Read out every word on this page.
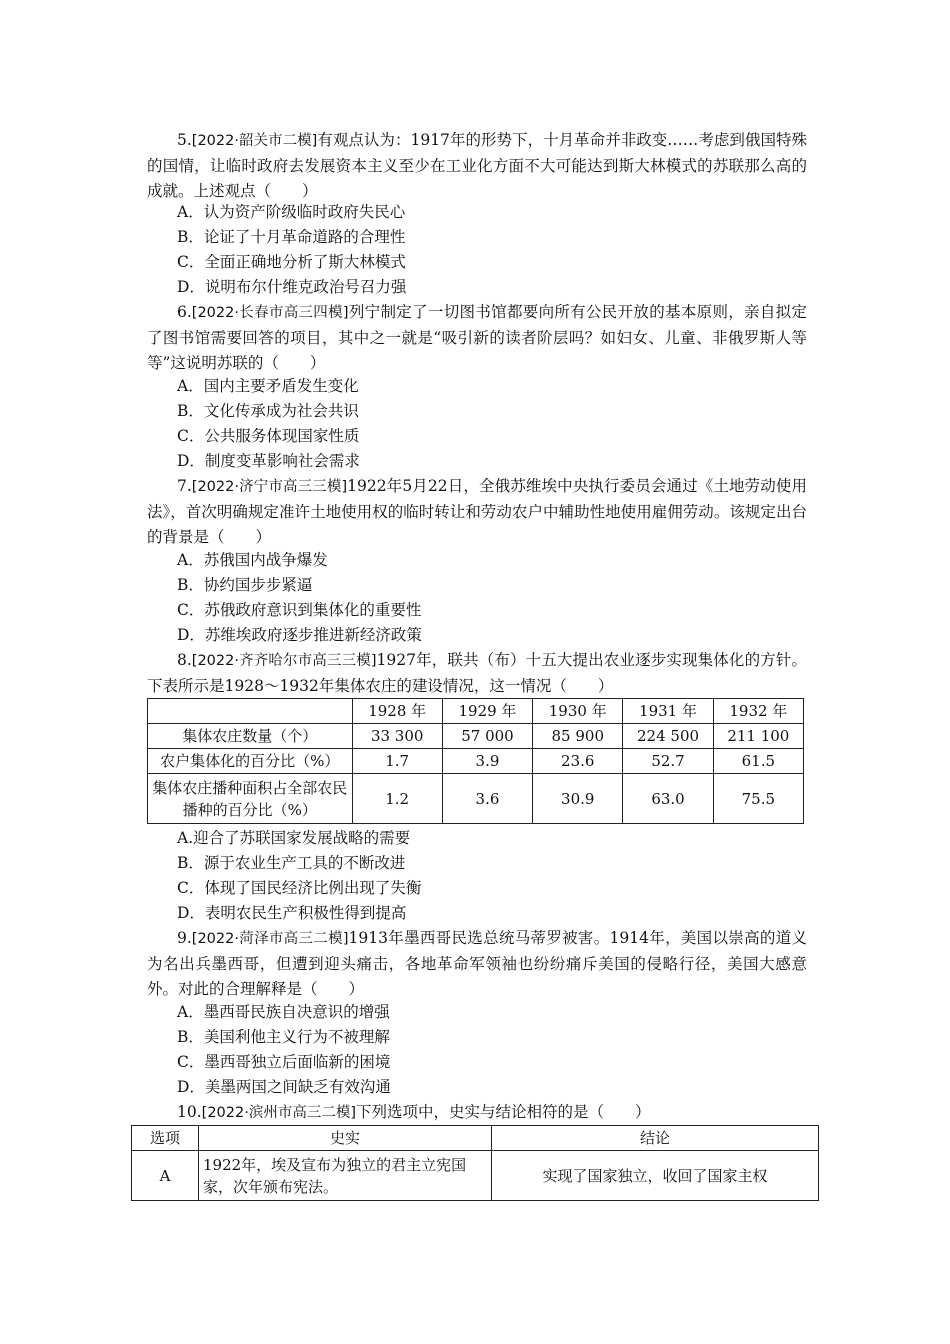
5.[2022·韶关市二模]有观点认为：1917年的形势下，十月革命并非政变……考虑到俄国特殊的国情，让临时政府去发展资本主义至少在工业化方面不大可能达到斯大林模式的苏联那么高的成就。上述观点（　　）
A．认为资产阶级临时政府失民心
B．论证了十月革命道路的合理性
C．全面正确地分析了斯大林模式
D．说明布尔什维克政治号召力强
6.[2022·长春市高三四模]列宁制定了一切图书馆都要向所有公民开放的基本原则，亲自拟定了图书馆需要回答的项目，其中之一就是“吸引新的读者阶层吗？如妇女、儿童、非俄罗斯人等等”这说明苏联的（　　）
A．国内主要矛盾发生变化
B．文化传承成为社会共识
C．公共服务体现国家性质
D．制度变革影响社会需求
7.[2022·济宁市高三三模]1922年5月22日，全俄苏维埃中央执行委员会通过《土地劳动使用法》，首次明确规定准许土地使用权的临时转让和劳动农户中辅助性地使用雇佣劳动。该规定出台的背景是（　　）
A．苏俄国内战争爆发
B．协约国步步紧逼
C．苏俄政府意识到集体化的重要性
D．苏维埃政府逐步推进新经济政策
8.[2022·齐齐哈尔市高三三模]1927年，联共（布）十五大提出农业逐步实现集体化的方针。下表所示是1928～1932年集体农庄的建设情况，这一情况（　　）
	1928 年	1929 年	1930 年	1931 年	1932 年
集体农庄数量（个）	33 300	57 000	85 900	224 500	211 100
农户集体化的百分比（%）	1.7	3.9	23.6	52.7	61.5
集体农庄播种面积占全部农民播种的百分比（%）	1.2	3.6	30.9	63.0	75.5
A.迎合了苏联国家发展战略的需要
B．源于农业生产工具的不断改进
C．体现了国民经济比例出现了失衡
D．表明农民生产积极性得到提高
9.[2022·菏泽市高三二模]1913年墨西哥民选总统马蒂罗被害。1914年，美国以崇高的道义为名出兵墨西哥，但遭到迎头痛击，各地革命军领袖也纷纷痛斥美国的侵略行径，美国大感意外。对此的合理解释是（　　）
A．墨西哥民族自决意识的增强
B．美国利他主义行为不被理解
C．墨西哥独立后面临新的困境
D．美墨两国之间缺乏有效沟通
10.[2022·滨州市高三二模]下列选项中，史实与结论相符的是（　　）
选项	史实	结论
A	1922年，埃及宣布为独立的君主立宪国家，次年颁布宪法。	实现了国家独立，收回了国家主权
